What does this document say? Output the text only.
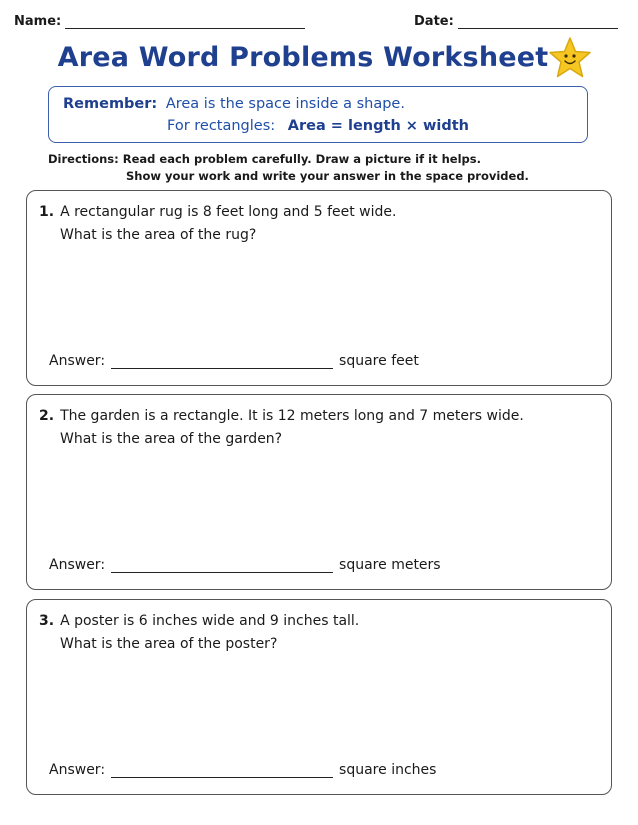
Name:	Date:
Area Word Problems Worksheet
Remember: Area is the space inside a shape.
For rectangles: Area = length × width
Directions: Read each problem carefully. Draw a picture if it helps.
Show your work and write your answer in the space provided.
1. A rectangular rug is 8 feet long and 5 feet wide.
What is the area of the rug?
Answer:	square feet
2. The garden is a rectangle. It is 12 meters long and 7 meters wide.
What is the area of the garden?
Answer:	square meters
3. A poster is 6 inches wide and 9 inches tall.
What is the area of the poster?
Answer:	square inches
